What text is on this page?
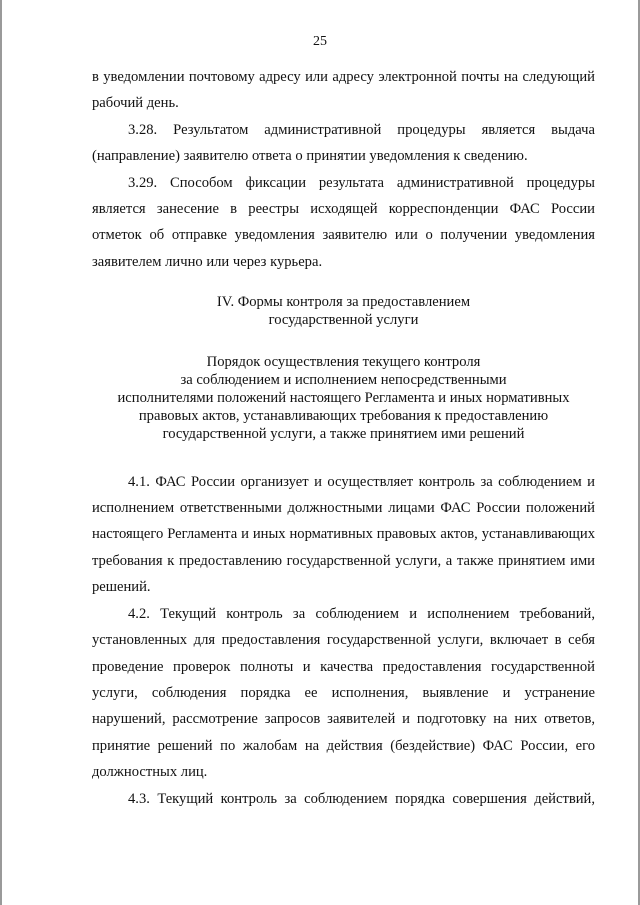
25

в уведомлении почтовому адресу или адресу электронной почты на следующий рабочий день.

3.28. Результатом административной процедуры является выдача (направление) заявителю ответа о принятии уведомления к сведению.

3.29. Способом фиксации результата административной процедуры является занесение в реестры исходящей корреспонденции ФАС России отметок об отправке уведомления заявителю или о получении уведомления заявителем лично или через курьера.

IV. Формы контроля за предоставлением

государственной услуги

Порядок осуществления текущего контроля

за соблюдением и исполнением непосредственными

исполнителями положений настоящего Регламента и иных нормативных

правовых актов, устанавливающих требования к предоставлению

государственной услуги, а также принятием ими решений

4.1. ФАС России организует и осуществляет контроль за соблюдением и исполнением ответственными должностными лицами ФАС России положений настоящего Регламента и иных нормативных правовых актов, устанавливающих требования к предоставлению государственной услуги, а также принятием ими решений.

4.2. Текущий контроль за соблюдением и исполнением требований, установленных для предоставления государственной услуги, включает в себя проведение проверок полноты и качества предоставления государственной услуги, соблюдения порядка ее исполнения, выявление и устранение нарушений, рассмотрение запросов заявителей и подготовку на них ответов, принятие решений по жалобам на действия (бездействие) ФАС России, его должностных лиц.

4.3. Текущий контроль за соблюдением порядка совершения действий,
